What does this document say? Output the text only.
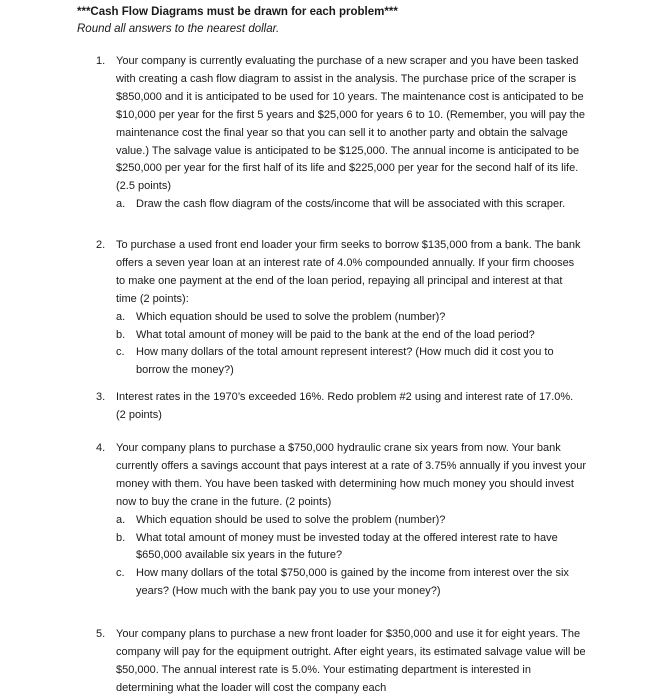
***Cash Flow Diagrams must be drawn for each problem***
Round all answers to the nearest dollar.
1. Your company is currently evaluating the purchase of a new scraper and you have been tasked with creating a cash flow diagram to assist in the analysis. The purchase price of the scraper is $850,000 and it is anticipated to be used for 10 years. The maintenance cost is anticipated to be $10,000 per year for the first 5 years and $25,000 for years 6 to 10. (Remember, you will pay the maintenance cost the final year so that you can sell it to another party and obtain the salvage value.) The salvage value is anticipated to be $125,000. The annual income is anticipated to be $250,000 per year for the first half of its life and $225,000 per year for the second half of its life. (2.5 points)
a. Draw the cash flow diagram of the costs/income that will be associated with this scraper.
2. To purchase a used front end loader your firm seeks to borrow $135,000 from a bank. The bank offers a seven year loan at an interest rate of 4.0% compounded annually. If your firm chooses to make one payment at the end of the loan period, repaying all principal and interest at that time (2 points):
a. Which equation should be used to solve the problem (number)?
b. What total amount of money will be paid to the bank at the end of the load period?
c. How many dollars of the total amount represent interest? (How much did it cost you to borrow the money?)
3. Interest rates in the 1970’s exceeded 16%. Redo problem #2 using and interest rate of 17.0%. (2 points)
4. Your company plans to purchase a $750,000 hydraulic crane six years from now. Your bank currently offers a savings account that pays interest at a rate of 3.75% annually if you invest your money with them. You have been tasked with determining how much money you should invest now to buy the crane in the future. (2 points)
a. Which equation should be used to solve the problem (number)?
b. What total amount of money must be invested today at the offered interest rate to have $650,000 available six years in the future?
c. How many dollars of the total $750,000 is gained by the income from interest over the six years? (How much with the bank pay you to use your money?)
5. Your company plans to purchase a new front loader for $350,000 and use it for eight years. The company will pay for the equipment outright. After eight years, its estimated salvage value will be $50,000. The annual interest rate is 5.0%. Your estimating department is interested in determining what the loader will cost the company each
